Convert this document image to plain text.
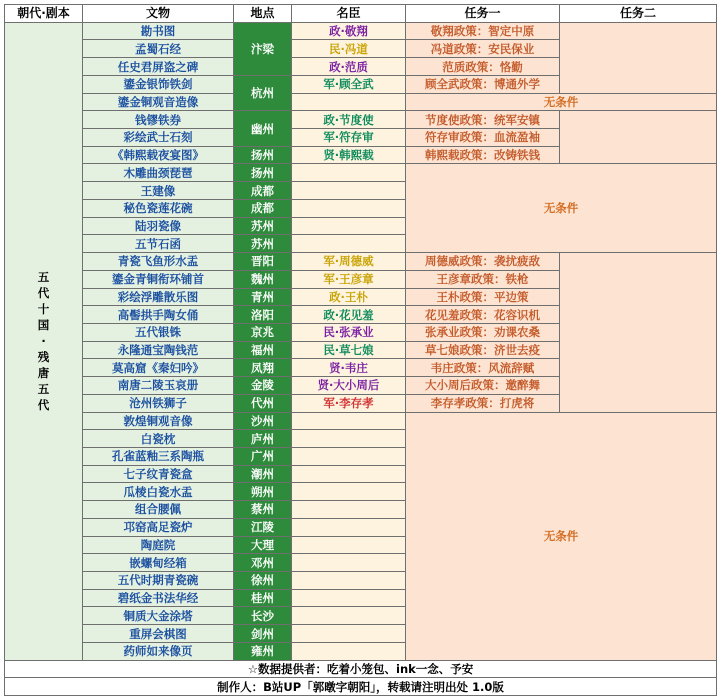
朝代·剧本	文物	地点	名臣	任务一	任务二

五代十国·残唐五代	勘书图	汴梁	政·敬翔	敬翔政策：智定中原	
	孟蜀石经		民·冯道	冯道政策：安民保业	
	任史君屏盗之碑		政·范质	范质政策：恪勤	
	鎏金银饰铁剑	杭州	军·顾全武	顾全武政策：博通外学	
	鎏金铜观音造像			无条件	
	钱镠铁券	幽州	政·节度使	节度使政策：统军安镇	
	彩绘武士石刻		军·符存审	符存审政策：血流盈袖	
	《韩熙载夜宴图》	扬州	贤·韩熙载	韩熙载政策：改铸铁钱	
	木雕曲颈琵琶	扬州		无条件	
	王建像	成都			
	秘色瓷莲花碗	成都			
	陆羽瓷像	苏州			
	五节石函	苏州			
	青瓷飞鱼形水盂	晋阳	军·周德威	周德威政策：袭扰疲敌	
	鎏金青铜衔环铺首	魏州	军·王彦章	王彦章政策：铁枪	
	彩绘浮雕散乐图	青州	政·王朴	王朴政策：平边策	
	高髻拱手陶女俑	洛阳	政·花见羞	花见羞政策：花容识机	
	五代银铢	京兆	民·张承业	张承业政策：劝课农桑	
	永隆通宝陶钱范	福州	民·草七娘	草七娘政策：济世去疫	
	莫高窟《秦妇吟》	凤翔	贤·韦庄	韦庄政策：风流辞赋	
	南唐二陵玉哀册	金陵	贤·大小周后	大小周后政策：邀醉舞	
	沧州铁狮子	代州	军·李存孝	李存孝政策：打虎将	
	敦煌铜观音像	沙州		无条件	
	白瓷枕	庐州			
	孔雀蓝釉三系陶瓶	广州			
	七子纹青瓷盒	潮州			
	瓜棱白瓷水盂	朔州			
	组合腰佩	蔡州			
	邛窑高足瓷炉	江陵			
	陶庭院	大理			
	嵌螺甸经箱	邓州			
	五代时期青瓷碗	徐州			
	碧纸金书法华经	桂州			
	铜质大金涂塔	长沙			
	重屏会棋图	剑州			
	药师如来像页	雍州			
☆数据提供者：吃着小笼包、ink一念、予安					
制作人：B站UP「郭暾字朝阳」，转载请注明出处 1.0版					
